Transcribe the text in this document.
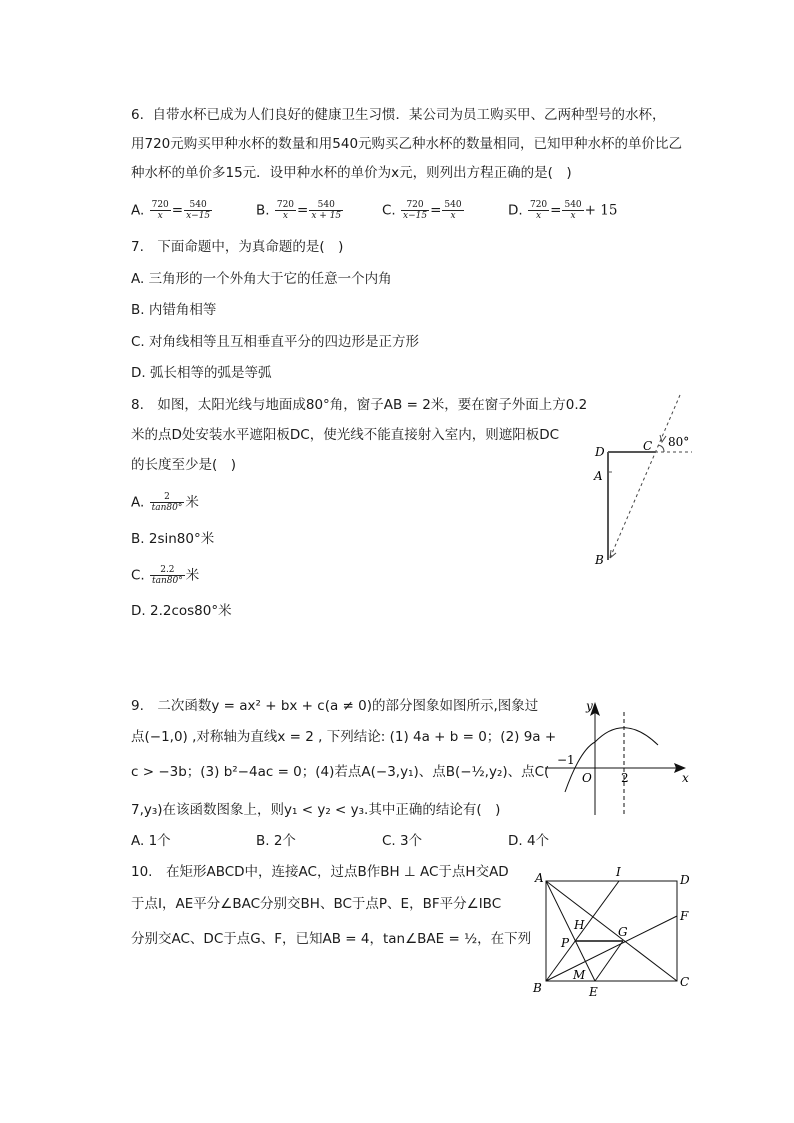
6. 自带水杯已成为人们良好的健康卫生习惯．某公司为员工购买甲、乙两种型号的水杯，
用720元购买甲种水杯的数量和用540元购买乙种水杯的数量相同，已知甲种水杯的单价比乙
种水杯的单价多15元．设甲种水杯的单价为x元，则列出方程正确的是(　)
A. $\frac{720}{x} = \frac{540}{x-15}$	B. $\frac{720}{x} = \frac{540}{x + 15}$	C. $\frac{720}{x-15} = \frac{540}{x}$	D. $\frac{720}{x} = \frac{540}{x} + 15$
7.　下面命题中，为真命题的是(　)
A. 三角形的一个外角大于它的任意一个内角
B. 内错角相等
C. 对角线相等且互相垂直平分的四边形是正方形
D. 弧长相等的弧是等弧
8.　如图，太阳光线与地面成80°角，窗子AB = 2米，要在窗子外面上方0.2
米的点D处安装水平遮阳板DC，使光线不能直接射入室内，则遮阳板DC
的长度至少是(　)
A. $\frac{2}{\tan 80^\circ}$ 米
B. 2sin80°米
C. $\frac{2.2}{\tan 80^\circ}$ 米
D. 2.2cos80°米
D	C
A
B
80°
9.　二次函数y = ax² + bx + c(a ≠ 0)的部分图象如图所示,图象过
点(−1,0) ,对称轴为直线x = 2 , 下列结论: (1) 4a + b = 0；(2) 9a +
c > −3b；(3) b²−4ac = 0；(4)若点A(−3,y₁)、点B(−½,y₂)、点C(
7,y₃)在该函数图象上，则y₁ < y₂ < y₃.其中正确的结论有(　)
A. 1个	B. 2个	C. 3个	D. 4个
y
x
O
−1
2
10.　在矩形ABCD中，连接AC，过点B作BH ⊥ AC于点H交AD
于点I，AE平分∠BAC分别交BH、BC于点P、E，BF平分∠IBC
分别交AC、DC于点G、F，已知AB = 4，tan∠BAE = ½，在下列
A	I
D
F
H	G
P
M
B	E
C
